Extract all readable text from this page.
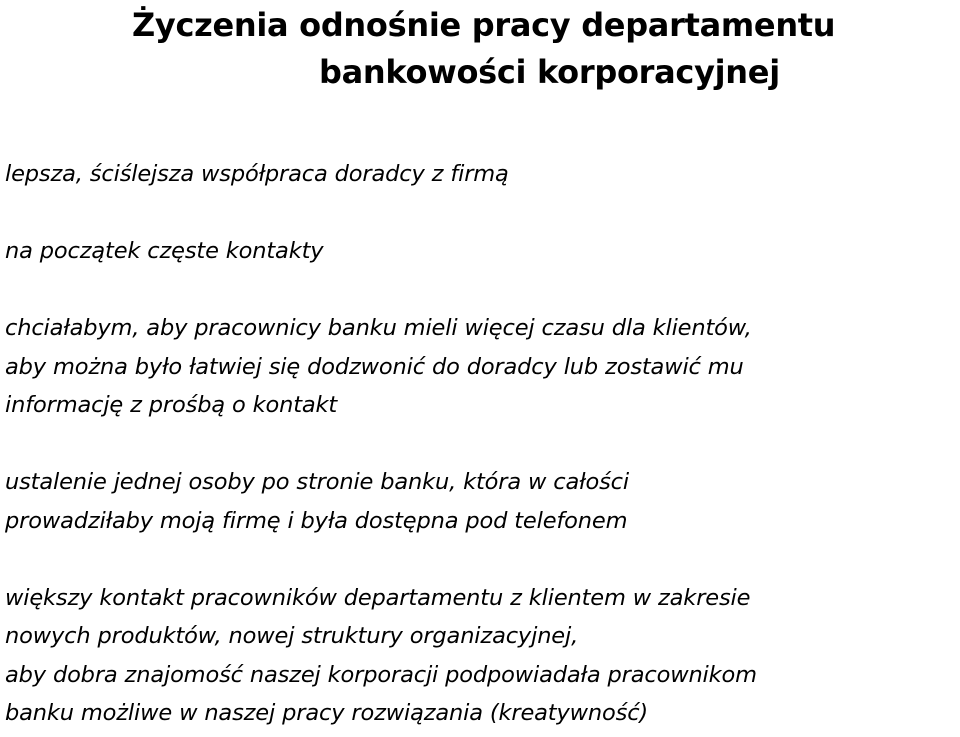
Życzenia odnośnie pracy departamentu
bankowości korporacyjnej

lepsza, ściślejsza współpraca doradcy z firmą

na początek częste kontakty

chciałabym, aby pracownicy banku mieli więcej czasu dla klientów,
aby można było łatwiej się dodzwonić do doradcy lub zostawić mu
informację z prośbą o kontakt

ustalenie jednej osoby po stronie banku, która w całości
prowadziłaby moją firmę i była dostępna pod telefonem

większy kontakt pracowników departamentu z klientem w zakresie
nowych produktów, nowej struktury organizacyjnej,
aby dobra znajomość naszej korporacji podpowiadała pracownikom
banku możliwe w naszej pracy rozwiązania (kreatywność)
